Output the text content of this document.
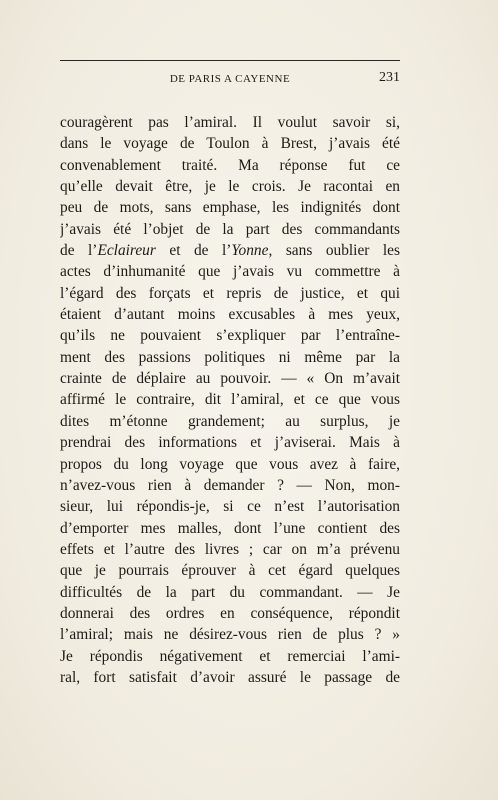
DE PARIS A CAYENNE	231
couragèrent pas l’amiral. Il voulut savoir si,
dans le voyage de Toulon à Brest, j’avais été
convenablement traité. Ma réponse fut ce
qu’elle devait être, je le crois. Je racontai en
peu de mots, sans emphase, les indignités dont
j’avais été l’objet de la part des commandants
de l’Eclaireur et de l’Yonne, sans oublier les
actes d’inhumanité que j’avais vu commettre à
l’égard des forçats et repris de justice, et qui
étaient d’autant moins excusables à mes yeux,
qu’ils ne pouvaient s’expliquer par l’entraîne-
ment des passions politiques ni même par la
crainte de déplaire au pouvoir. — « On m’avait
affirmé le contraire, dit l’amiral, et ce que vous
dites m’étonne grandement; au surplus, je
prendrai des informations et j’aviserai. Mais à
propos du long voyage que vous avez à faire,
n’avez-vous rien à demander ? — Non, mon-
sieur, lui répondis-je, si ce n’est l’autorisation
d’emporter mes malles, dont l’une contient des
effets et l’autre des livres ; car on m’a prévenu
que je pourrais éprouver à cet égard quelques
difficultés de la part du commandant. — Je
donnerai des ordres en conséquence, répondit
l’amiral; mais ne désirez-vous rien de plus ? »
Je répondis négativement et remerciai l’ami-
ral, fort satisfait d’avoir assuré le passage de
